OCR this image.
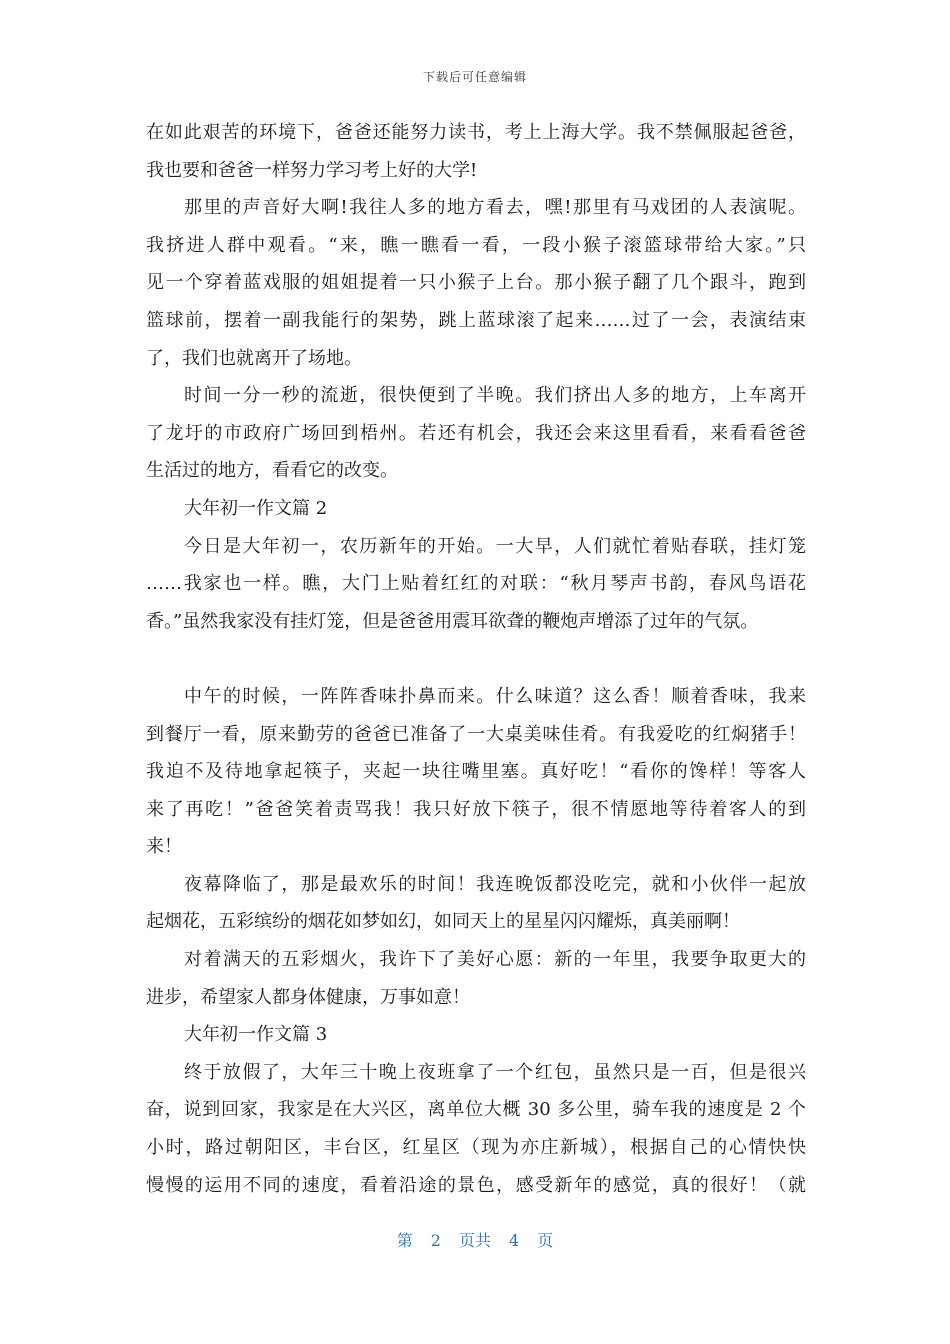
下载后可任意编辑
在如此艰苦的环境下，爸爸还能努力读书，考上上海大学。我不禁佩服起爸爸，
我也要和爸爸一样努力学习考上好的大学!
那里的声音好大啊!我往人多的地方看去，嘿!那里有马戏团的人表演呢。
我挤进人群中观看。“来，瞧一瞧看一看，一段小猴子滚篮球带给大家。”只
见一个穿着蓝戏服的姐姐提着一只小猴子上台。那小猴子翻了几个跟斗，跑到
篮球前，摆着一副我能行的架势，跳上蓝球滚了起来……过了一会，表演结束
了，我们也就离开了场地。
时间一分一秒的流逝，很快便到了半晚。我们挤出人多的地方，上车离开
了龙圩的市政府广场回到梧州。若还有机会，我还会来这里看看，来看看爸爸
生活过的地方，看看它的改变。
大年初一作文篇 2
今日是大年初一，农历新年的开始。一大早，人们就忙着贴春联，挂灯笼
……我家也一样。瞧，大门上贴着红红的对联：“秋月琴声书韵，春风鸟语花
香。”虽然我家没有挂灯笼，但是爸爸用震耳欲聋的鞭炮声增添了过年的气氛。
中午的时候，一阵阵香味扑鼻而来。什么味道？这么香！顺着香味，我来
到餐厅一看，原来勤劳的爸爸已准备了一大桌美味佳肴。有我爱吃的红焖猪手！
我迫不及待地拿起筷子，夹起一块往嘴里塞。真好吃！“看你的馋样！等客人
来了再吃！”爸爸笑着责骂我！我只好放下筷子，很不情愿地等待着客人的到
来！
夜幕降临了，那是最欢乐的时间！我连晚饭都没吃完，就和小伙伴一起放
起烟花，五彩缤纷的烟花如梦如幻，如同天上的星星闪闪耀烁，真美丽啊！
对着满天的五彩烟火，我许下了美好心愿：新的一年里，我要争取更大的
进步，希望家人都身体健康，万事如意！
大年初一作文篇 3
终于放假了，大年三十晚上夜班拿了一个红包，虽然只是一百，但是很兴
奋，说到回家，我家是在大兴区，离单位大概 30 多公里，骑车我的速度是 2 个
小时，路过朝阳区，丰台区，红星区（现为亦庄新城），根据自己的心情快快
慢慢的运用不同的速度，看着沿途的景色，感受新年的感觉，真的很好！（就
第 2 页共 4 页
